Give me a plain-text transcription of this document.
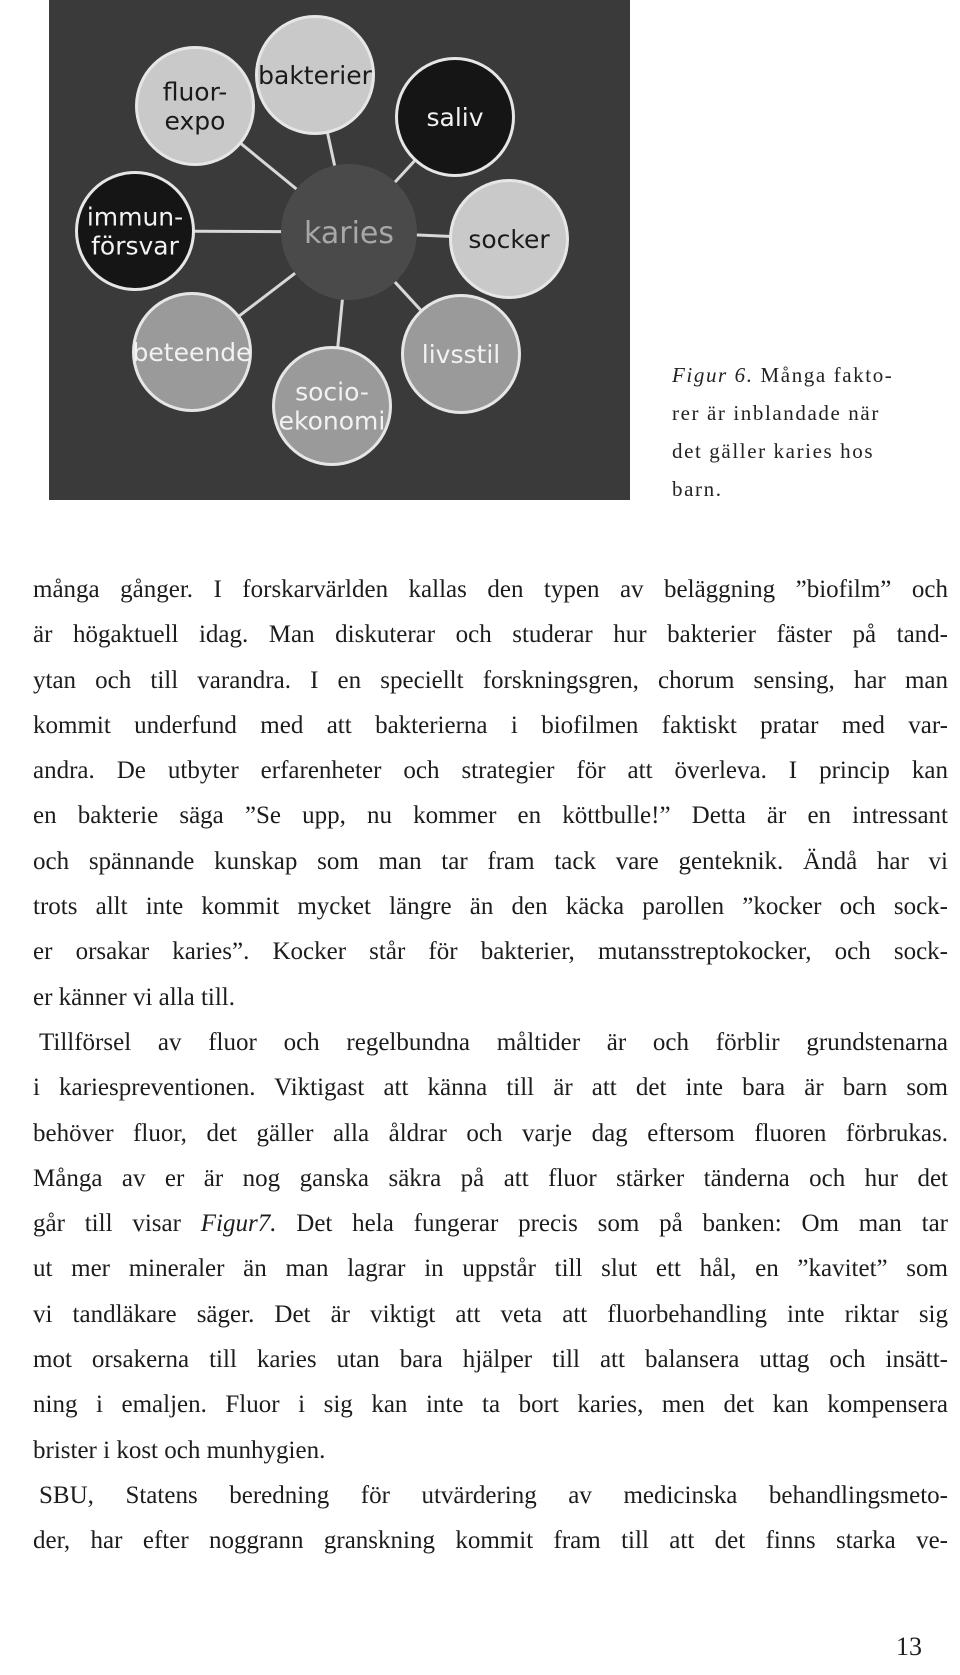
karies
bakterier
saliv
socker
livsstil
socio-
ekonomi
beteende
immun-
försvar
fluor-
expo
Figur 6. Många fakto-
rer är inblandade när
det gäller karies hos
barn.

många gånger. I forskarvärlden kallas den typen av beläggning ”biofilm” och

är högaktuell idag. Man diskuterar och studerar hur bakterier fäster på tand-

ytan och till varandra. I en speciellt forskningsgren, chorum sensing, har man

kommit underfund med att bakterierna i biofilmen faktiskt pratar med var-

andra. De utbyter erfarenheter och strategier för att överleva. I princip kan

en bakterie säga ”Se upp, nu kommer en köttbulle!” Detta är en intressant

och spännande kunskap som man tar fram tack vare genteknik. Ändå har vi

trots allt inte kommit mycket längre än den käcka parollen ”kocker och sock-

er orsakar karies”. Kocker står för bakterier, mutansstreptokocker, och sock-

er känner vi alla till.

Tillförsel av fluor och regelbundna måltider är och förblir grundstenarna

i kariespreventionen. Viktigast att känna till är att det inte bara är barn som

behöver fluor, det gäller alla åldrar och varje dag eftersom fluoren förbrukas.

Många av er är nog ganska säkra på att fluor stärker tänderna och hur det

går till visar Figur7. Det hela fungerar precis som på banken: Om man tar

ut mer mineraler än man lagrar in uppstår till slut ett hål, en ”kavitet” som

vi tandläkare säger. Det är viktigt att veta att fluorbehandling inte riktar sig

mot orsakerna till karies utan bara hjälper till att balansera uttag och insätt-

ning i emaljen. Fluor i sig kan inte ta bort karies, men det kan kompensera

brister i kost och munhygien.

SBU, Statens beredning för utvärdering av medicinska behandlingsmeto-

der, har efter noggrann granskning kommit fram till att det finns starka ve-

13
